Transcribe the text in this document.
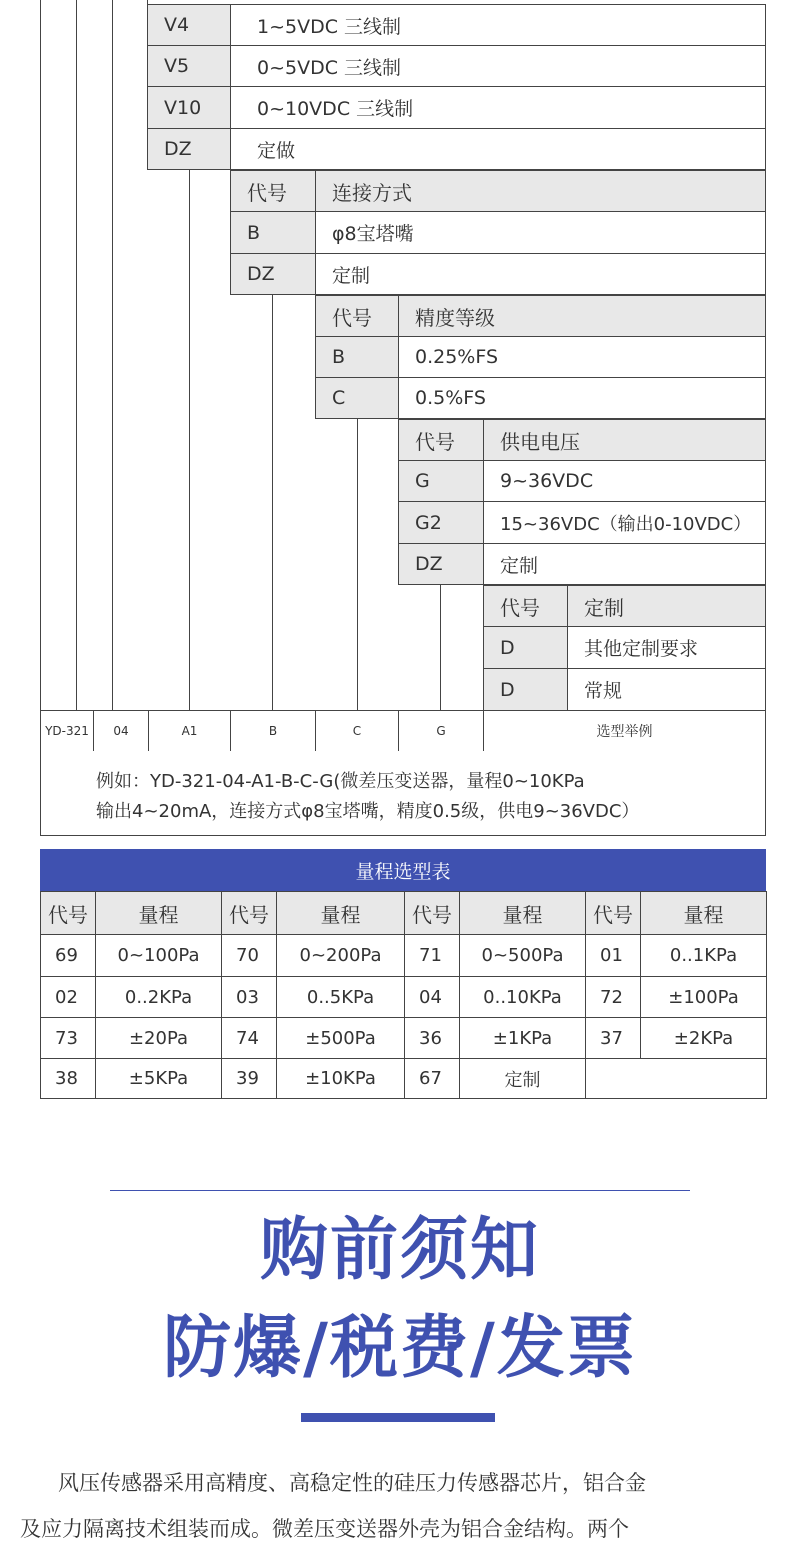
V4	1~5VDC 三线制
V5	0~5VDC 三线制
V10	0~10VDC 三线制
DZ	定做
代号	连接方式
B	φ8宝塔嘴
DZ	定制
代号	精度等级
B	0.25%FS
C	0.5%FS
代号	供电电压
G	9~36VDC
G2	15~36VDC（输出0-10VDC）
DZ	定制
代号	定制
D	其他定制要求
D	常规
YD-321	04	A1	B	C	G	选型举例
例如：YD-321-04-A1-B-C-G(微差压变送器，量程0~10KPa
输出4~20mA，连接方式φ8宝塔嘴，精度0.5级，供电9~36VDC）
量程选型表
代号	量程	代号	量程	代号	量程	代号	量程
69	0~100Pa	70	0~200Pa	71	0~500Pa	01	0..1KPa
02	0..2KPa	03	0..5KPa	04	0..10KPa	72	±100Pa
73	±20Pa	74	±500Pa	36	±1KPa	37	±2KPa
38	±5KPa	39	±10KPa	67	定制
购前须知
防爆/税费/发票
风压传感器采用高精度、高稳定性的硅压力传感器芯片，铝合金
及应力隔离技术组装而成。微差压变送器外壳为铝合金结构。两个
